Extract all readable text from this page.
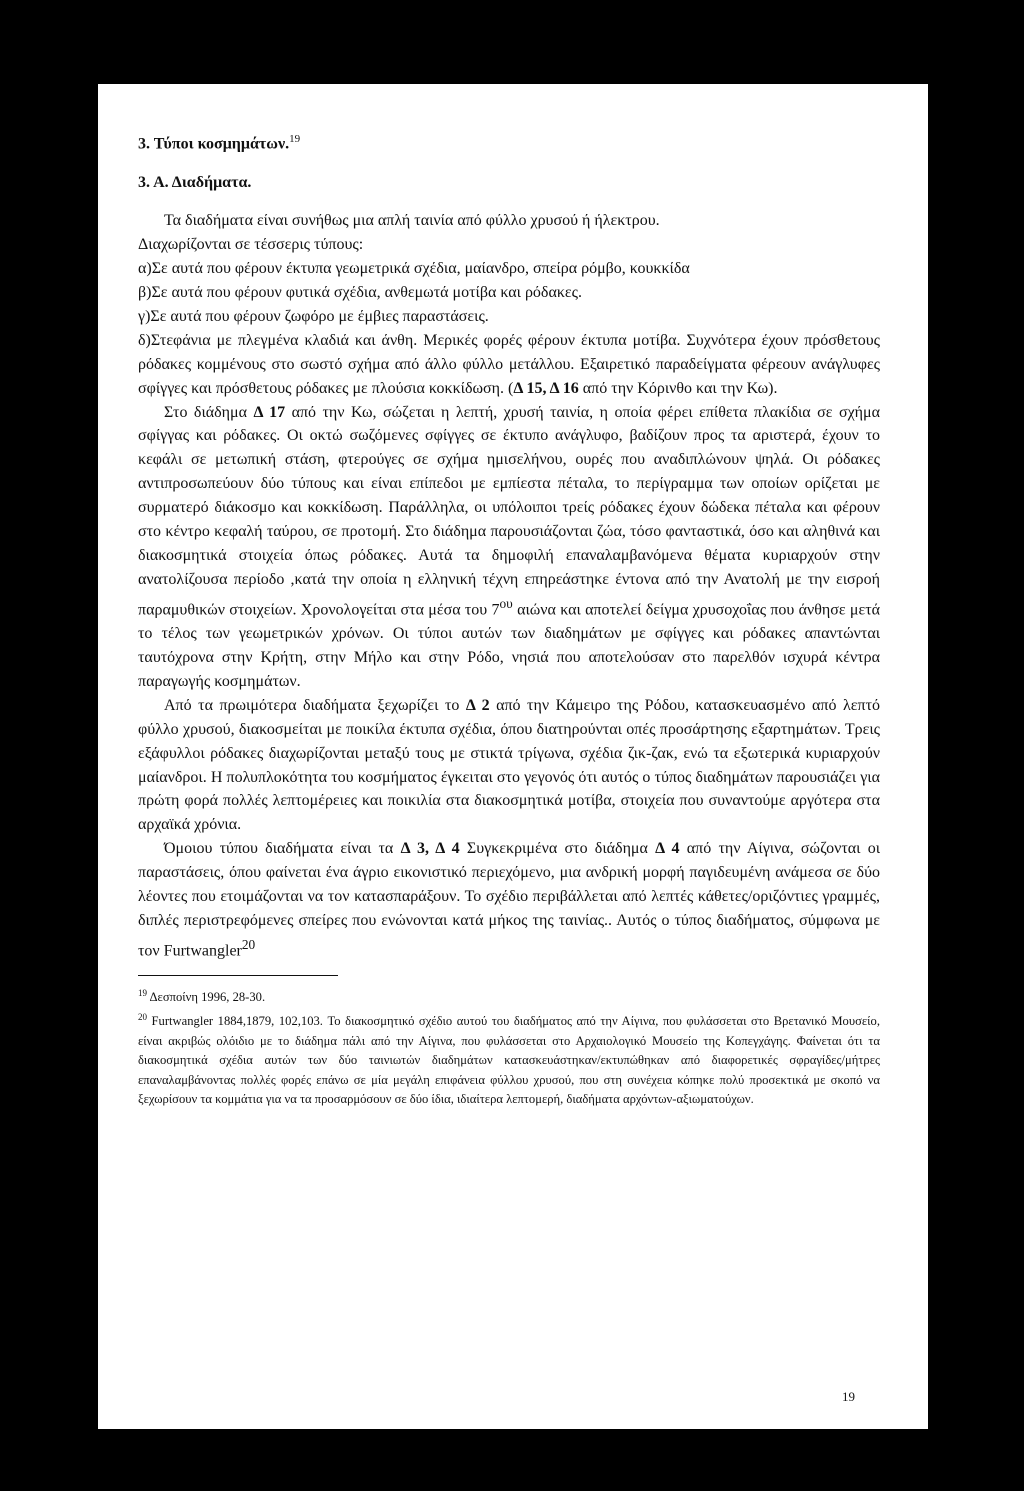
3. Τύποι κοσμημάτων.$^{19}$
3. Α. Διαδήματα.

Τα διαδήματα είναι συνήθως μια απλή ταινία από φύλλο χρυσού ή ήλεκτρου.

Διαχωρίζονται σε τέσσερις τύπους:

α)Σε αυτά που φέρουν έκτυπα γεωμετρικά σχέδια, μαίανδρο, σπείρα ρόμβο, κουκκίδα

β)Σε αυτά που φέρουν φυτικά σχέδια, ανθεμωτά μοτίβα και ρόδακες.

γ)Σε αυτά που φέρουν ζωφόρο με έμβιες παραστάσεις.

δ)Στεφάνια με πλεγμένα κλαδιά και άνθη. Μερικές φορές φέρουν έκτυπα μοτίβα. Συχνότερα έχουν πρόσθετους ρόδακες κομμένους στο σωστό σχήμα από άλλο φύλλο μετάλλου. Εξαιρετικό παραδείγματα φέρεουν ανάγλυφες σφίγγες και πρόσθετους ρόδακες με πλούσια κοκκίδωση. (Δ 15, Δ 16 από την Κόρινθο και την Κω).

Στο διάδημα Δ 17 από την Κω, σώζεται η λεπτή, χρυσή ταινία, η οποία φέρει επίθετα πλακίδια σε σχήμα σφίγγας και ρόδακες. Οι οκτώ σωζόμενες σφίγγες σε έκτυπο ανάγλυφο, βαδίζουν προς τα αριστερά, έχουν το κεφάλι σε μετωπική στάση, φτερούγες σε σχήμα ημισελήνου, ουρές που αναδιπλώνουν ψηλά. Οι ρόδακες αντιπροσωπεύουν δύο τύπους και είναι επίπεδοι με εμπίεστα πέταλα, το περίγραμμα των οποίων ορίζεται με συρματερό διάκοσμο και κοκκίδωση. Παράλληλα, οι υπόλοιποι τρείς ρόδακες έχουν δώδεκα πέταλα και φέρουν στο κέντρο κεφαλή ταύρου, σε προτομή. Στο διάδημα παρουσιάζονται ζώα, τόσο φανταστικά, όσο και αληθινά και διακοσμητικά στοιχεία όπως ρόδακες. Αυτά τα δημοφιλή επαναλαμβανόμενα θέματα κυριαρχούν στην ανατολίζουσα περίοδο ,κατά την οποία η ελληνική τέχνη επηρεάστηκε έντονα από την Ανατολή με την εισροή παραμυθικών στοιχείων. Χρονολογείται στα μέσα του $7^{o\upsilon}$ αιώνα και αποτελεί δείγμα χρυσοχοΐας που άνθησε μετά το τέλος των γεωμετρικών χρόνων. Οι τύποι αυτών των διαδημάτων με σφίγγες και ρόδακες απαντώνται ταυτόχρονα στην Κρήτη, στην Μήλο και στην Ρόδο, νησιά που αποτελούσαν στο παρελθόν ισχυρά κέντρα παραγωγής κοσμημάτων.

Από τα πρωιμότερα διαδήματα ξεχωρίζει το Δ 2 από την Κάμειρο της Ρόδου, κατασκευασμένο από λεπτό φύλλο χρυσού, διακοσμείται με ποικίλα έκτυπα σχέδια, όπου διατηρούνται οπές προσάρτησης εξαρτημάτων. Τρεις εξάφυλλοι ρόδακες διαχωρίζονται μεταξύ τους με στικτά τρίγωνα, σχέδια ζικ-ζακ, ενώ τα εξωτερικά κυριαρχούν μαίανδροι. Η πολυπλοκότητα του κοσμήματος έγκειται στο γεγονός ότι αυτός ο τύπος διαδημάτων παρουσιάζει για πρώτη φορά πολλές λεπτομέρειες και ποικιλία στα διακοσμητικά μοτίβα, στοιχεία που συναντούμε αργότερα στα αρχαϊκά χρόνια.

Όμοιου τύπου διαδήματα είναι τα Δ 3, Δ 4 Συγκεκριμένα στο διάδημα Δ 4 από την Αίγινα, σώζονται οι παραστάσεις, όπου φαίνεται ένα άγριο εικονιστικό περιεχόμενο, μια ανδρική μορφή παγιδευμένη ανάμεσα σε δύο λέοντες που ετοιμάζονται να τον κατασπαράξουν. Το σχέδιο περιβάλλεται από λεπτές κάθετες/οριζόντιες γραμμές, διπλές περιστρεφόμενες σπείρες που ενώνονται κατά μήκος της ταινίας.. Αυτός ο τύπος διαδήματος, σύμφωνα με τον Furtwangler$^{20}$

$^{19}$ Δεσποίνη 1996, 28-30.

$^{20}$ Furtwangler 1884,1879, 102,103. Το διακοσμητικό σχέδιο αυτού του διαδήματος από την Αίγινα, που φυλάσσεται στο Βρετανικό Μουσείο, είναι ακριβώς ολόιδιο με το διάδημα πάλι από την Αίγινα, που φυλάσσεται στο Αρχαιολογικό Μουσείο της Κοπεγχάγης. Φαίνεται ότι τα διακοσμητικά σχέδια αυτών των δύο ταινιωτών διαδημάτων κατασκευάστηκαν/εκτυπώθηκαν από διαφορετικές σφραγίδες/μήτρες επαναλαμβάνοντας πολλές φορές επάνω σε μία μεγάλη επιφάνεια φύλλου χρυσού, που στη συνέχεια κόπηκε πολύ προσεκτικά με σκοπό να ξεχωρίσουν τα κομμάτια για να τα προσαρμόσουν σε δύο ίδια, ιδιαίτερα λεπτομερή, διαδήματα αρχόντων-αξιωματούχων.

19
